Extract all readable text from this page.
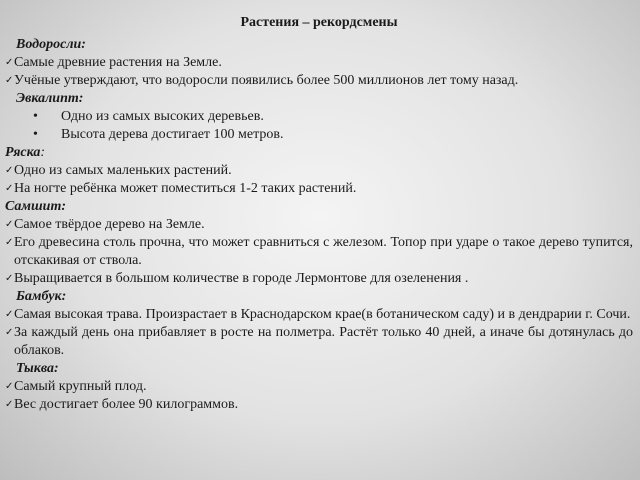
Растения – рекордсмены
Водоросли:
✓ Самые древние растения на Земле.
✓ Учёные утверждают, что водоросли появились более 500 миллионов лет тому назад.
Эвкалипт:
• Одно из самых высоких деревьев.
• Высота дерева достигает 100 метров.
Ряска:
✓ Одно из самых маленьких растений.
✓ На ногте ребёнка может поместиться 1-2 таких растений.
Самшит:
✓ Самое твёрдое дерево на Земле.
✓ Его древесина столь прочна, что может сравниться с железом. Топор при ударе о такое дерево тупится, отскакивая от ствола.
✓ Выращивается в большом количестве в городе Лермонтове для озеленения .
Бамбук:
✓ Самая высокая трава. Произрастает в Краснодарском крае(в ботаническом саду) и в дендрарии г. Сочи.
✓ За каждый день она прибавляет в росте на полметра. Растёт только 40 дней, а иначе бы дотянулась до облаков.
Тыква:
✓ Самый крупный плод.
✓ Вес достигает более 90 килограммов.
